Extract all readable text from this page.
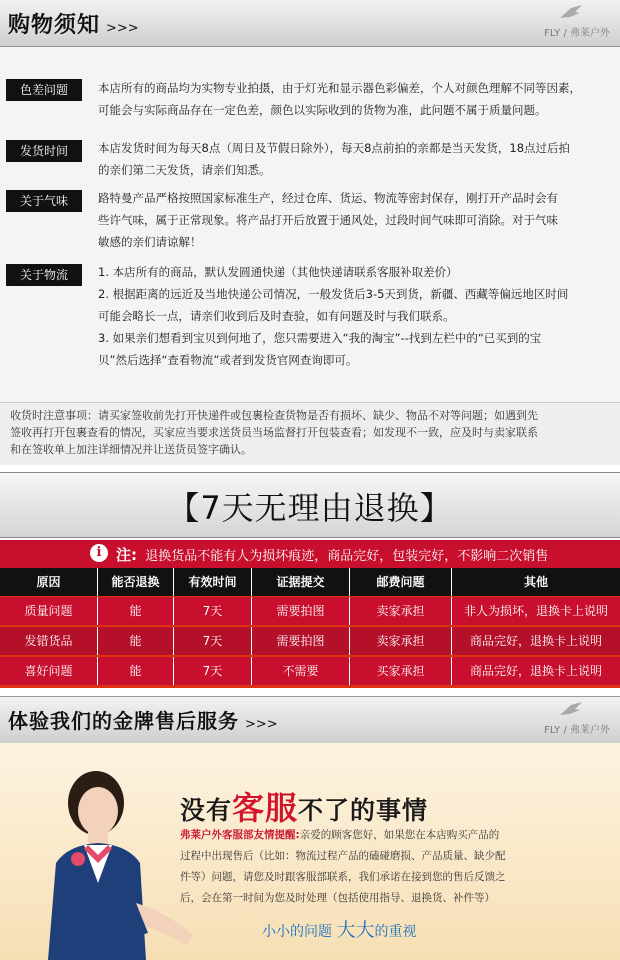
购物须知 >>>	FLY / 弗莱户外
色差问题	本店所有的商品均为实物专业拍摄，由于灯光和显示器色彩偏差，个人对颜色理解不同等因素，

可能会与实际商品存在一定色差，颜色以实际收到的货物为准，此问题不属于质量问题。

发货时间	本店发货时间为每天8点（周日及节假日除外），每天8点前拍的亲都是当天发货，18点过后拍

的亲们第二天发货，请亲们知悉。

关于气味	路特曼产品严格按照国家标准生产，经过仓库、货运、物流等密封保存，刚打开产品时会有

些许气味，属于正常现象。将产品打开后放置于通风处，过段时间气味即可消除。对于气味

敏感的亲们请谅解！

关于物流	1. 本店所有的商品，默认发圆通快递（其他快递请联系客服补取差价）

2. 根据距离的远近及当地快递公司情况，一般发货后3-5天到货，新疆、西藏等偏远地区时间

可能会略长一点，请亲们收到后及时查验，如有问题及时与我们联系。

3. 如果亲们想看到宝贝到何地了，您只需要进入“我的淘宝”--找到左栏中的“已买到的宝

贝”然后选择“查看物流”或者到发货官网查询即可。

收货时注意事项：请买家签收前先打开快递件或包裹检查货物是否有损坏、缺少、物品不对等问题；如遇到先
签收再打开包裹查看的情况，买家应当要求送货员当场监督打开包装查看；如发现不一致，应及时与卖家联系
和在签收单上加注详细情况并让送货员签字确认。

【7天无理由退换】
i 注: 退换货品不能有人为损坏痕迹，商品完好，包装完好，不影响二次销售
原因	能否退换	有效时间	证据提交	邮费问题	其他
质量问题	能	7天	需要拍图	卖家承担	非人为损坏，退换卡上说明
发错货品	能	7天	需要拍图	卖家承担	商品完好，退换卡上说明
喜好问题	能	7天	不需要	买家承担	商品完好，退换卡上说明
体验我们的金牌售后服务 >>>	FLY / 弗莱户外
没有客服不了的事情
弗莱户外客服部友情提醒:亲爱的顾客您好，如果您在本店购买产品的
过程中出现售后（比如：物流过程产品的磕碰磨损、产品质量、缺少配
件等）问题，请您及时跟客服部联系，我们承诺在接到您的售后反馈之
后，会在第一时间为您及时处理（包括使用指导、退换货、补件等）
小小的问题 大大的重视
